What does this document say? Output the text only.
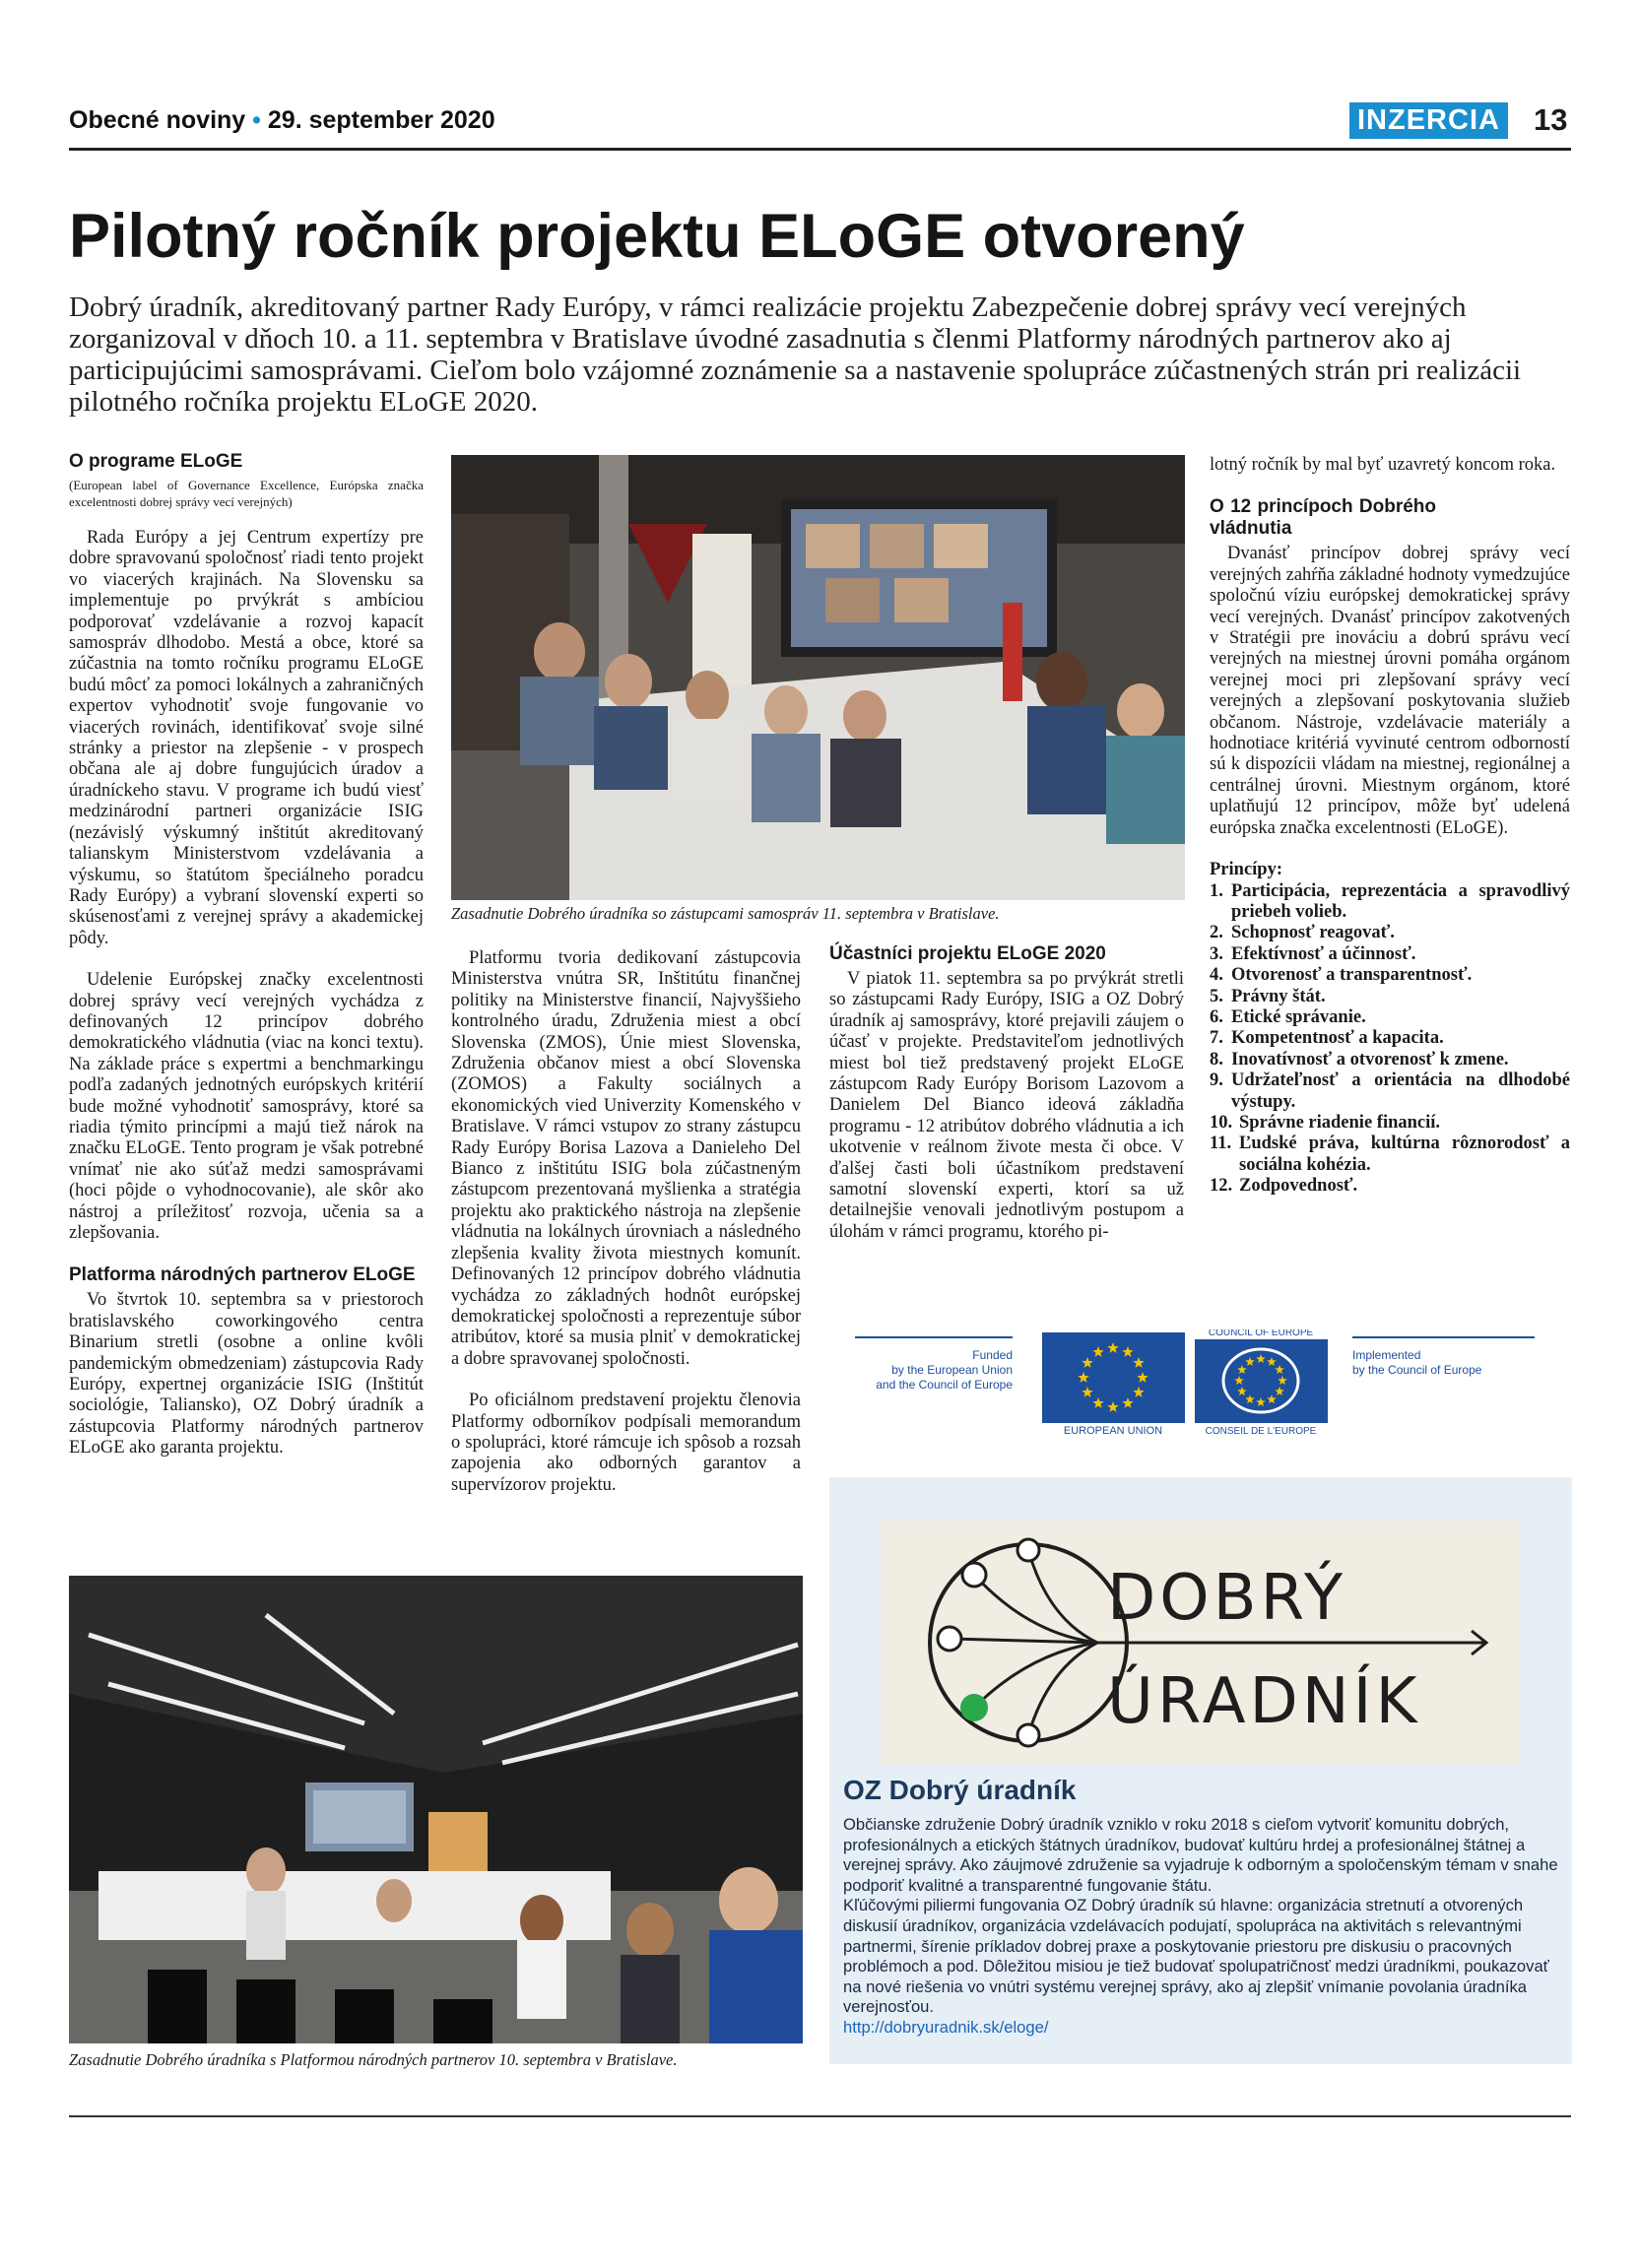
Obecné noviny • 29. september 2020	INZERCIA 13
Pilotný ročník projektu ELoGE otvorený
Dobrý úradník, akreditovaný partner Rady Európy, v rámci realizácie projektu Zabezpečenie dobrej správy vecí verejných zorganizoval v dňoch 10. a 11. septembra v Bratislave úvodné zasadnutia s členmi Platformy národných partnerov ako aj participujúcimi samosprávami. Cieľom bolo vzájomné zoznámenie sa a nastavenie spolupráce zúčastnených strán pri realizácii pilotného ročníka projektu ELoGE 2020.
O programe ELoGE
(European label of Governance Excellence, Európska značka excelentnosti dobrej správy vecí verejných)

Rada Európy a jej Centrum expertízy pre dobre spravovanú spoločnosť riadi tento projekt vo viacerých krajinách. Na Slovensku sa implementuje po prvýkrát s ambíciou podporovať vzdelávanie a rozvoj kapacít samospráv dlhodobo. Mestá a obce, ktoré sa zúčastnia na tomto ročníku programu ELoGE budú môcť za pomoci lokálnych a zahraničných expertov vyhodnotiť svoje fungovanie vo viacerých rovinách, identifikovať svoje silné stránky a priestor na zlepšenie - v prospech občana ale aj dobre fungujúcich úradov a úradníckeho stavu. V programe ich budú viesť medzinárodní partneri organizácie ISIG (nezávislý výskumný inštitút akreditovaný talianskym Ministerstvom vzdelávania a výskumu, so štatútom špeciálneho poradcu Rady Európy) a vybraní slovenskí experti so skúsenosťami z verejnej správy a akademickej pôdy.

Udelenie Európskej značky excelentnosti dobrej správy vecí verejných vychádza z definovaných 12 princípov dobrého demokratického vládnutia (viac na konci textu). Na základe práce s expertmi a benchmarkingu podľa zadaných jednotných európskych kritérií bude možné vyhodnotiť samosprávy, ktoré sa riadia týmito princípmi a majú tiež nárok na značku ELoGE. Tento program je však potrebné vnímať nie ako súťaž medzi samosprávami (hoci pôjde o vyhodnocovanie), ale skôr ako nástroj a príležitosť rozvoja, učenia sa a zlepšovania.

Platforma národných partnerov ELoGE

Vo štvrtok 10. septembra sa v priestoroch bratislavského coworkingového centra Binarium stretli (osobne a online kvôli pandemickým obmedzeniam) zástupcovia Rady Európy, expertnej organizácie ISIG (Inštitút sociológie, Taliansko), OZ Dobrý úradník a zástupcovia Platformy národných partnerov ELoGE ako garanta projektu.

Zasadnutie Dobrého úradníka so zástupcami samospráv 11. septembra v Bratislave.

Platformu tvoria dedikovaní zástupcovia Ministerstva vnútra SR, Inštitútu finančnej politiky na Ministerstve financií, Najvyššieho kontrolného úradu, Združenia miest a obcí Slovenska (ZMOS), Únie miest Slovenska, Združenia občanov miest a obcí Slovenska (ZOMOS) a Fakulty sociálnych a ekonomických vied Univerzity Komenského v Bratislave. V rámci vstupov zo strany zástupcu Rady Európy Borisa Lazova a Danieleho Del Bianco z inštitútu ISIG bola zúčastneným zástupcom prezentovaná myšlienka a stratégia projektu ako praktického nástroja na zlepšenie vládnutia na lokálnych úrovniach a následného zlepšenia kvality života miestnych komunít. Definovaných 12 princípov dobrého vládnutia vychádza zo základných hodnôt európskej demokratickej spoločnosti a reprezentuje súbor atribútov, ktoré sa musia plniť v demokratickej a dobre spravovanej spoločnosti.

Po oficiálnom predstavení projektu členovia Platformy odborníkov podpísali memorandum o spolupráci, ktoré rámcuje ich spôsob a rozsah zapojenia ako odborných garantov a supervízorov projektu.

Účastníci projektu ELoGE 2020

V piatok 11. septembra sa po prvýkrát stretli so zástupcami Rady Európy, ISIG a OZ Dobrý úradník aj samosprávy, ktoré prejavili záujem o účasť v projekte. Predstaviteľom jednotlivých miest bol tiež predstavený projekt ELoGE zástupcom Rady Európy Borisom Lazovom a Danielem Del Bianco ideová základňa programu - 12 atribútov dobrého vládnutia a ich ukotvenie v reálnom živote mesta či obce. V ďalšej časti boli účastníkom predstavení samotní slovenskí experti, ktorí sa už detailnejšie venovali jednotlivým postupom a úlohám v rámci programu, ktorého pi-

lotný ročník by mal byť uzavretý koncom roka.

O 12 princípoch Dobrého vládnutia

Dvanásť princípov dobrej správy vecí verejných zahŕňa základné hodnoty vymedzujúce spoločnú víziu európskej demokratickej správy vecí verejných. Dvanásť princípov zakotvených v Stratégii pre inováciu a dobrú správu vecí verejných na miestnej úrovni pomáha orgánom verejnej moci pri zlepšovaní správy vecí verejných a zlepšovaní poskytovania služieb občanom. Nástroje, vzdelávacie materiály a hodnotiace kritériá vyvinuté centrom odborností sú k dispozícii vládam na miestnej, regionálnej a centrálnej úrovni. Miestnym orgánom, ktoré uplatňujú 12 princípov, môže byť udelená európska značka excelentnosti (ELoGE).

Princípy:
1. Participácia, reprezentácia a spravodlivý priebeh volieb.
2. Schopnosť reagovať.
3. Efektívnosť a účinnosť.
4. Otvorenosť a transparentnosť.
5. Právny štát.
6. Etické správanie.
7. Kompetentnosť a kapacita.
8. Inovatívnosť a otvorenosť k zmene.
9. Udržateľnosť a orientácia na dlhodobé výstupy.
10. Správne riadenie financií.
11. Ľudské práva, kultúrna rôznorodosť a sociálna kohézia.
12. Zodpovednosť.
Funded
by the European Union
and the Council of Europe
EUROPEAN UNION
COUNCIL OF EUROPE
CONSEIL DE L'EUROPE
Implemented
by the Council of Europe
Zasadnutie Dobrého úradníka s Platformou národných partnerov 10. septembra v Bratislave.
DOBRÝ
ÚRADNÍK
OZ Dobrý úradník
Občianske združenie Dobrý úradník vzniklo v roku 2018 s cieľom vytvoriť komunitu dobrých, profesionálnych a etických štátnych úradníkov, budovať kultúru hrdej a profesionálnej štátnej a verejnej správy. Ako záujmové združenie sa vyjadruje k odborným a spoločenským témam v snahe podporiť kvalitné a transparentné fungovanie štátu.
Kľúčovými piliermi fungovania OZ Dobrý úradník sú hlavne: organizácia stretnutí a otvorených diskusií úradníkov, organizácia vzdelávacích podujatí, spolupráca na aktivitách s relevantnými partnermi, šírenie príkladov dobrej praxe a poskytovanie priestoru pre diskusiu o pracovných problémoch a pod. Dôležitou misiou je tiež budovať spolupatričnosť medzi úradníkmi, poukazovať na nové riešenia vo vnútri systému verejnej správy, ako aj zlepšiť vnímanie povolania úradníka verejnosťou.
http://dobryuradnik.sk/eloge/
